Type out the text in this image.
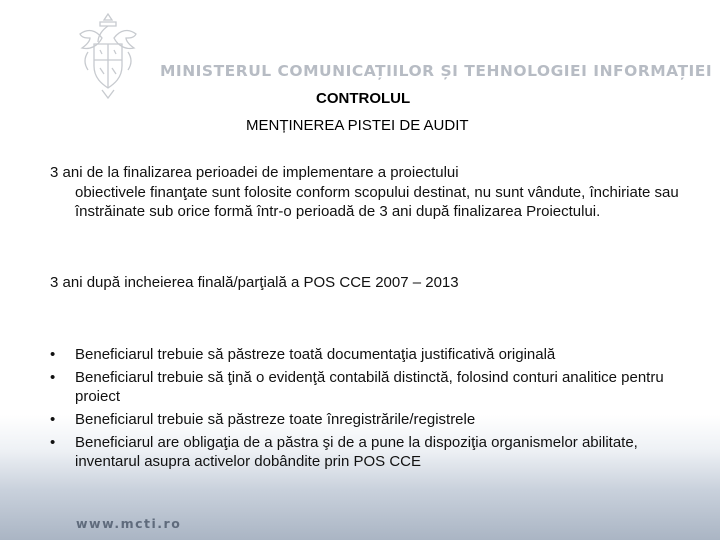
MINISTERUL COMUNICAȚIILOR ȘI TEHNOLOGIEI INFORMAȚIEI
CONTROLUL
MENȚINEREA PISTEI DE AUDIT

3 ani de la finalizarea perioadei de implementare a proiectului

obiectivele finanţate sunt folosite conform scopului destinat, nu sunt vândute, închiriate sau înstrăinate sub orice formă într-o perioadă de 3 ani după finalizarea Proiectului.

3 ani după incheierea finală/parţială a POS CCE 2007 – 2013

• Beneficiarul trebuie să păstreze toată documentaţia justificativă originală
• Beneficiarul trebuie să ţină o evidenţă contabilă distinctă, folosind conturi analitice pentru proiect
• Beneficiarul trebuie să păstreze toate înregistrările/registrele
• Beneficiarul are obligaţia de a păstra şi de a pune la dispoziţia organismelor abilitate, inventarul asupra activelor dobândite prin POS CCE
www.mcti.ro
